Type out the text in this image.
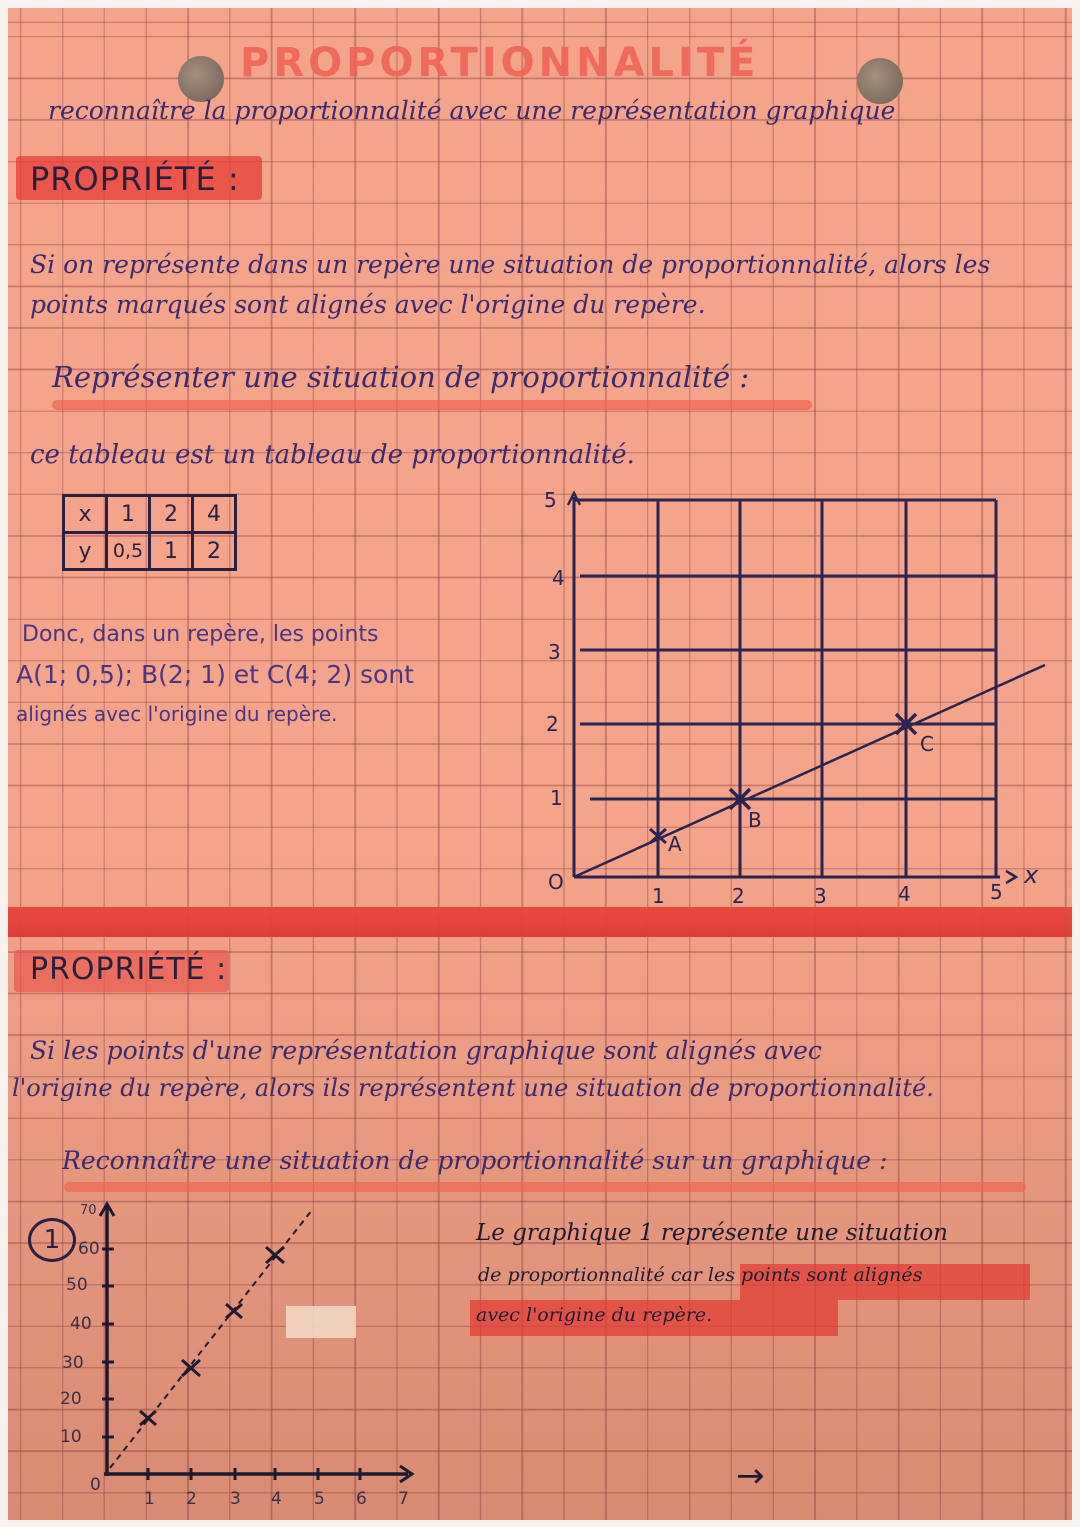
PROPORTIONNALITÉ
reconnaître la proportionnalité avec une représentation graphique
PROPRIÉTÉ :
Si on représente dans un repère une situation de proportionnalité, alors les
points marqués sont alignés avec l'origine du repère.
Représenter une situation de proportionnalité :
ce tableau est un tableau de proportionnalité.
x	1	2	4
y	0,5	1	2
Donc, dans un repère, les points
A(1; 0,5); B(2; 1) et C(4; 2) sont
alignés avec l'origine du repère.
5
4
3
2
1
O
1	2	3	4	5
x
A
B
C
PROPRIÉTÉ :
Si les points d'une représentation graphique sont alignés avec
l'origine du repère, alors ils représentent une situation de proportionnalité.
Reconnaître une situation de proportionnalité sur un graphique :
1
70
60
50
40
30
20
10
0
1 2 3 4 5 6 7
Le graphique 1 représente une situation
de proportionnalité car les points sont alignés
avec l'origine du repère.
→
